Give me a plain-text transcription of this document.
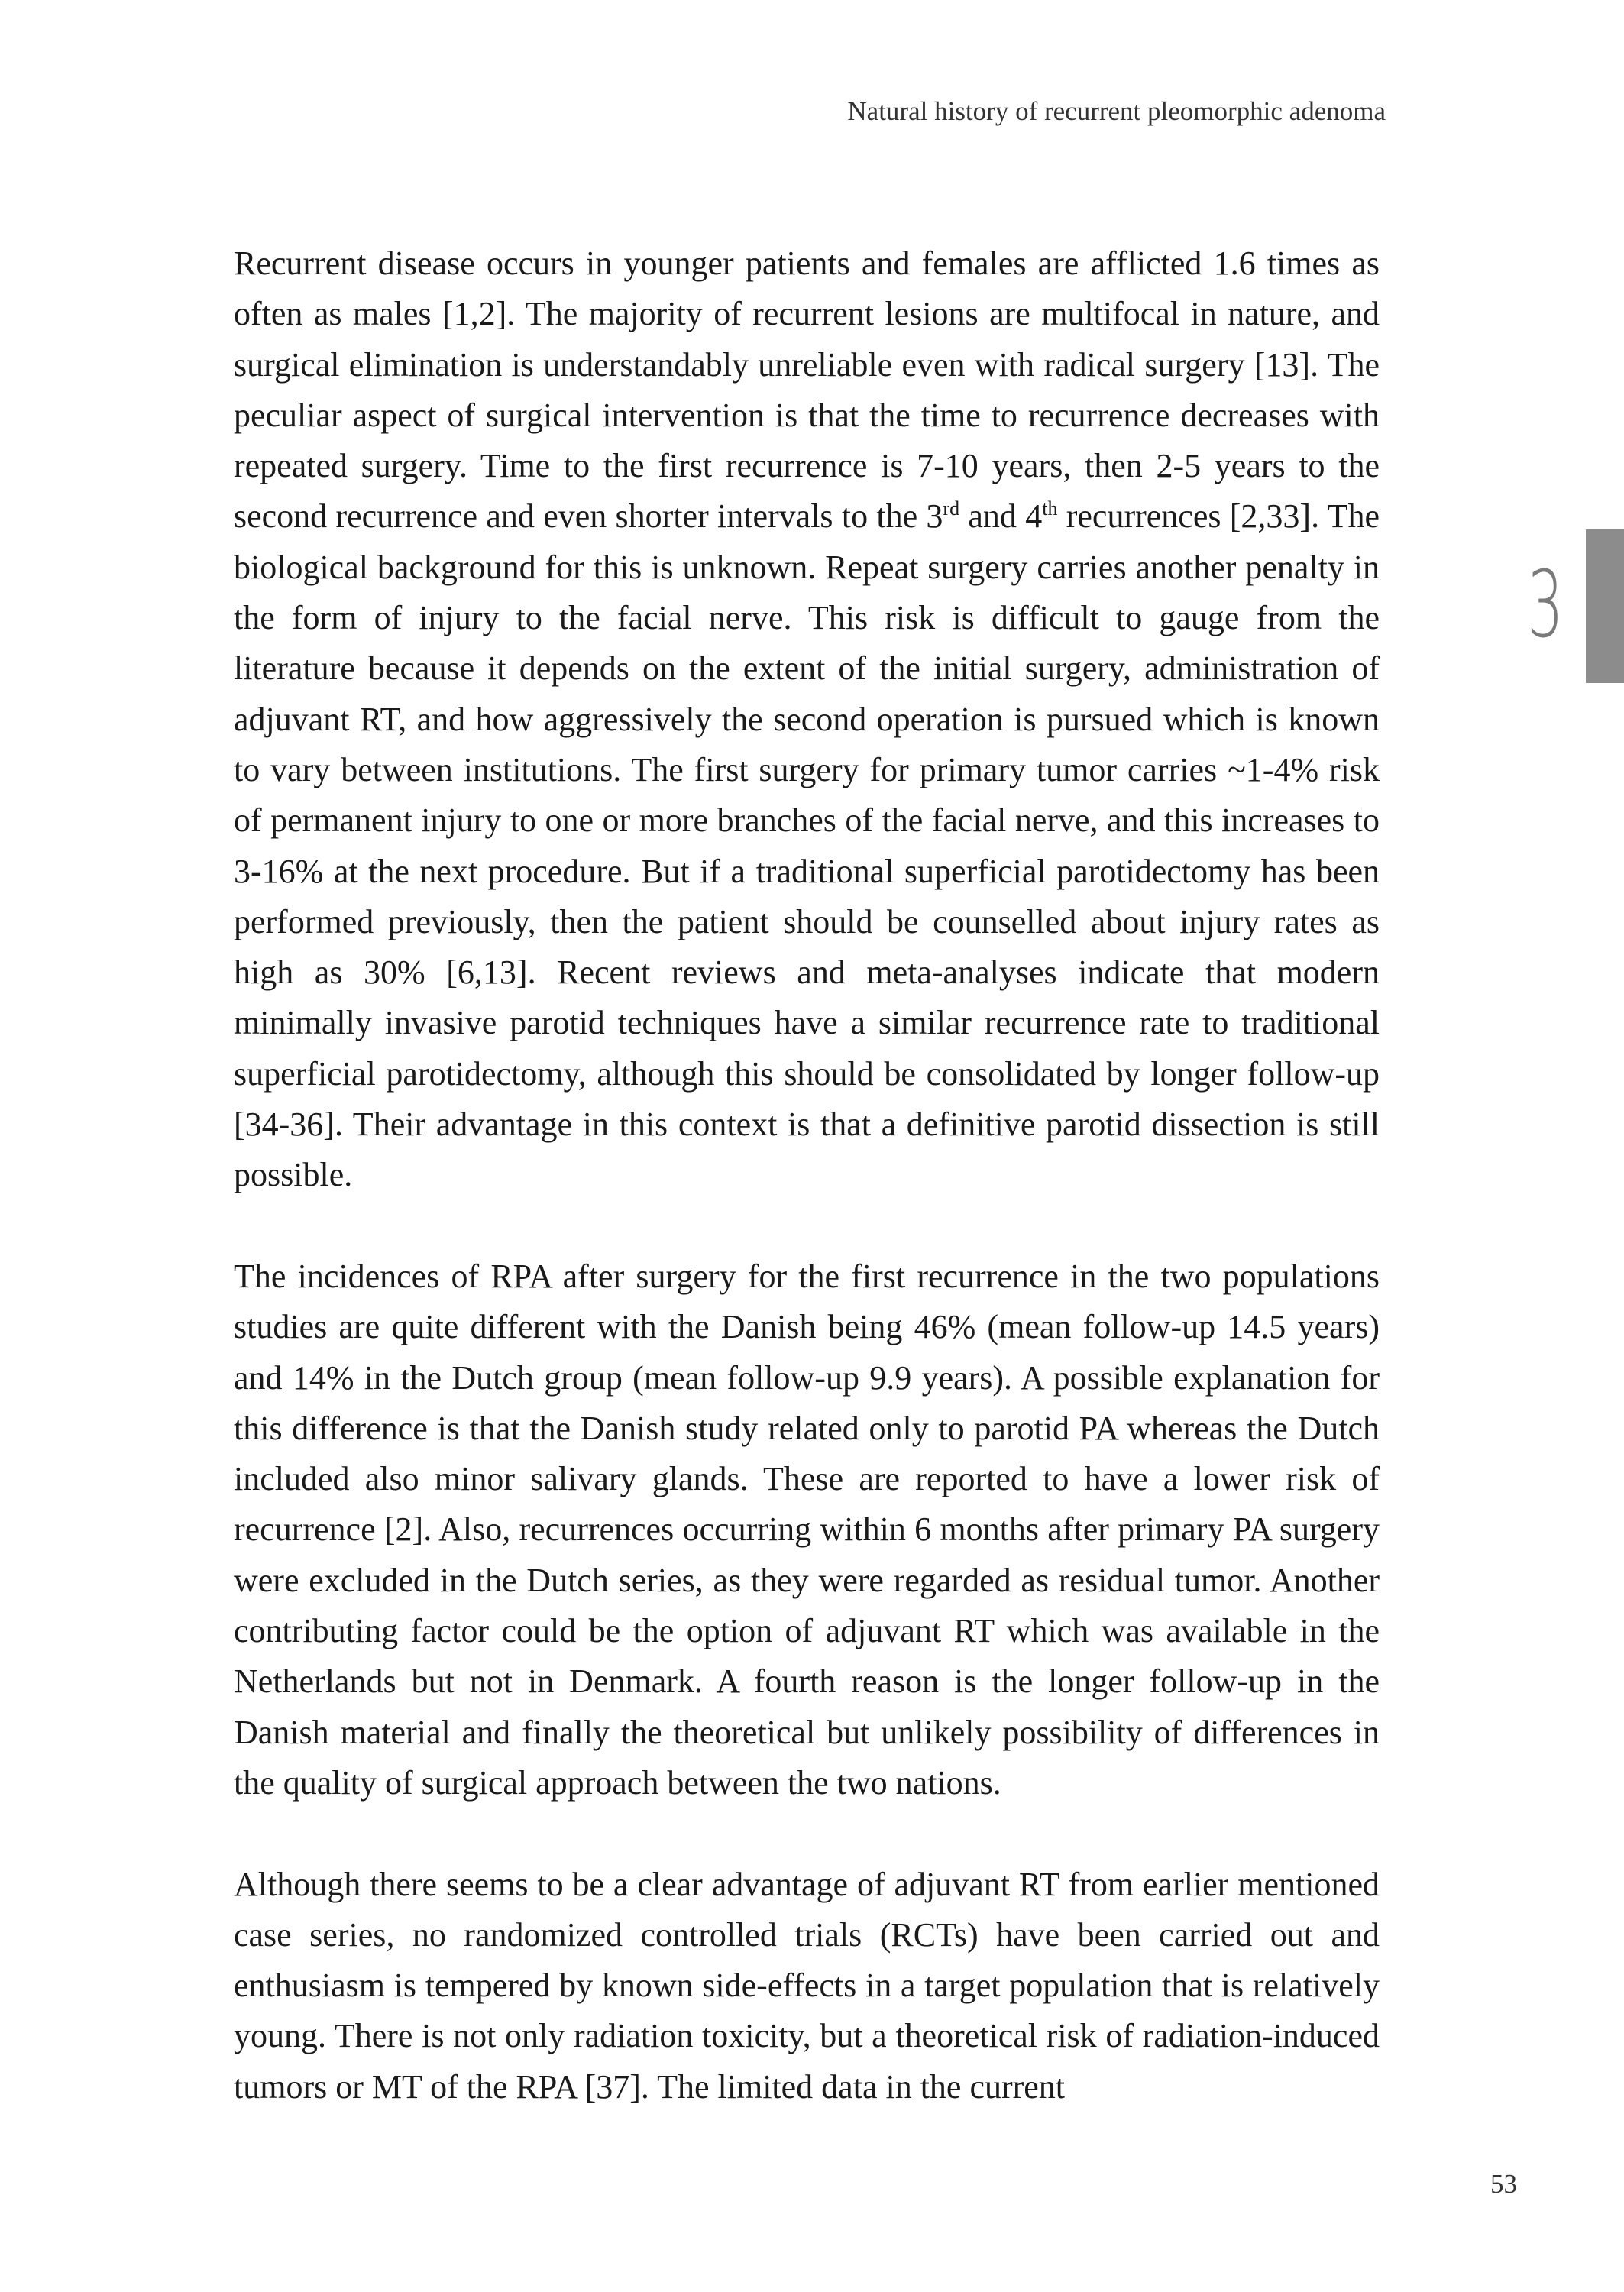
Natural history of recurrent pleomorphic adenoma
3

Recurrent disease occurs in younger patients and females are afflicted 1.6 times as often as males [1,2]. The majority of recurrent lesions are multifocal in nature, and surgical elimination is understandably unreliable even with radical surgery [13]. The peculiar aspect of surgical intervention is that the time to recurrence decreases with repeated surgery. Time to the first recurrence is 7-10 years, then 2-5 years to the second recurrence and even shorter intervals to the 3rd and 4th recurrences [2,33]. The biological background for this is unknown. Repeat surgery carries another penalty in the form of injury to the facial nerve. This risk is difficult to gauge from the literature because it depends on the extent of the initial surgery, administration of adjuvant RT, and how aggressively the second operation is pursued which is known to vary between institutions. The first surgery for primary tumor carries ~1-4% risk of permanent injury to one or more branches of the facial nerve, and this increases to 3-16% at the next procedure. But if a traditional superficial parotidectomy has been performed previously, then the patient should be counselled about injury rates as high as 30% [6,13]. Recent reviews and meta-analyses indicate that modern minimally invasive parotid techniques have a similar recurrence rate to traditional superficial parotidectomy, although this should be consolidated by longer follow-up [34-36]. Their advantage in this context is that a definitive parotid dissection is still possible.

The incidences of RPA after surgery for the first recurrence in the two populations studies are quite different with the Danish being 46% (mean follow-up 14.5 years) and 14% in the Dutch group (mean follow-up 9.9 years). A possible explanation for this difference is that the Danish study related only to parotid PA whereas the Dutch included also minor salivary glands. These are reported to have a lower risk of recurrence [2]. Also, recurrences occurring within 6 months after primary PA surgery were excluded in the Dutch series, as they were regarded as residual tumor. Another contributing factor could be the option of adjuvant RT which was available in the Netherlands but not in Denmark. A fourth reason is the longer follow-up in the Danish material and finally the theoretical but unlikely possibility of differences in the quality of surgical approach between the two nations.

Although there seems to be a clear advantage of adjuvant RT from earlier mentioned case series, no randomized controlled trials (RCTs) have been carried out and enthusiasm is tempered by known side-effects in a target population that is relatively young. There is not only radiation toxicity, but a theoretical risk of radiation-induced tumors or MT of the RPA [37]. The limited data in the current

53
